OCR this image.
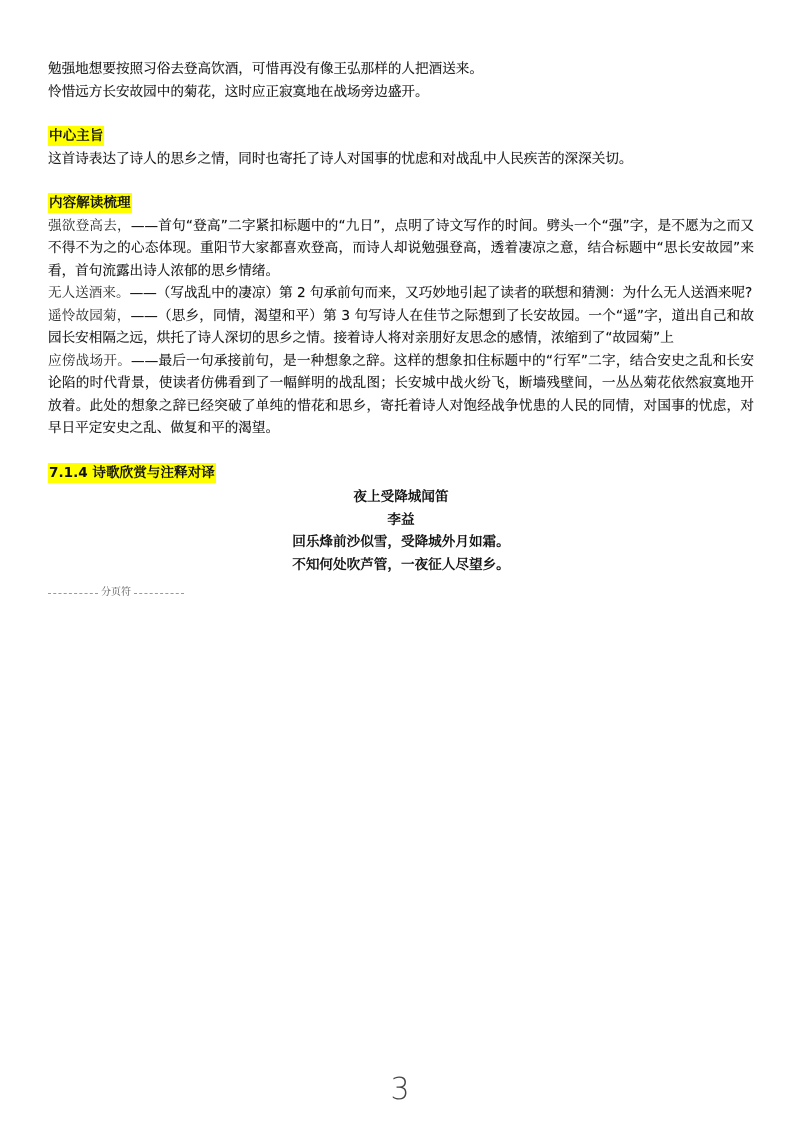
勉强地想要按照习俗去登高饮酒，可惜再没有像王弘那样的人把酒送来。

怜惜远方长安故园中的菊花，这时应正寂寞地在战场旁边盛开。

中心主旨

这首诗表达了诗人的思乡之情，同时也寄托了诗人对国事的忧虑和对战乱中人民疾苦的深深关切。

内容解读梳理

强欲登高去，——首句“登高”二字紧扣标题中的“九日”，点明了诗文写作的时间。劈头一个“强”字，是不愿为之而又不得不为之的心态体现。重阳节大家都喜欢登高，而诗人却说勉强登高，透着凄凉之意，结合标题中“思长安故园”来看，首句流露出诗人浓郁的思乡情绪。

无人送酒来。——（写战乱中的凄凉）第 2 句承前句而来，又巧妙地引起了读者的联想和猜测：为什么无人送酒来呢?

遥怜故园菊，——（思乡，同情，渴望和平）第 3 句写诗人在佳节之际想到了长安故园。一个“遥”字，道出自己和故园长安相隔之远，烘托了诗人深切的思乡之情。接着诗人将对亲朋好友思念的感情，浓缩到了“故园菊”上

应傍战场开。——最后一句承接前句，是一种想象之辞。这样的想象扣住标题中的“行军”二字，结合安史之乱和长安论陷的时代背景，使读者仿佛看到了一幅鲜明的战乱图；长安城中战火纷飞，断墙残壁间，一丛丛菊花依然寂寞地开放着。此处的想象之辞已经突破了单纯的惜花和思乡，寄托着诗人对饱经战争忧患的人民的同情，对国事的忧虑，对早日平定安史之乱、做复和平的渴望。

7.1.4 诗歌欣赏与注释对译
夜上受降城闻笛
李益
回乐烽前沙似雪，受降城外月如霜。
不知何处吹芦管，一夜征人尽望乡。
分页符
3
